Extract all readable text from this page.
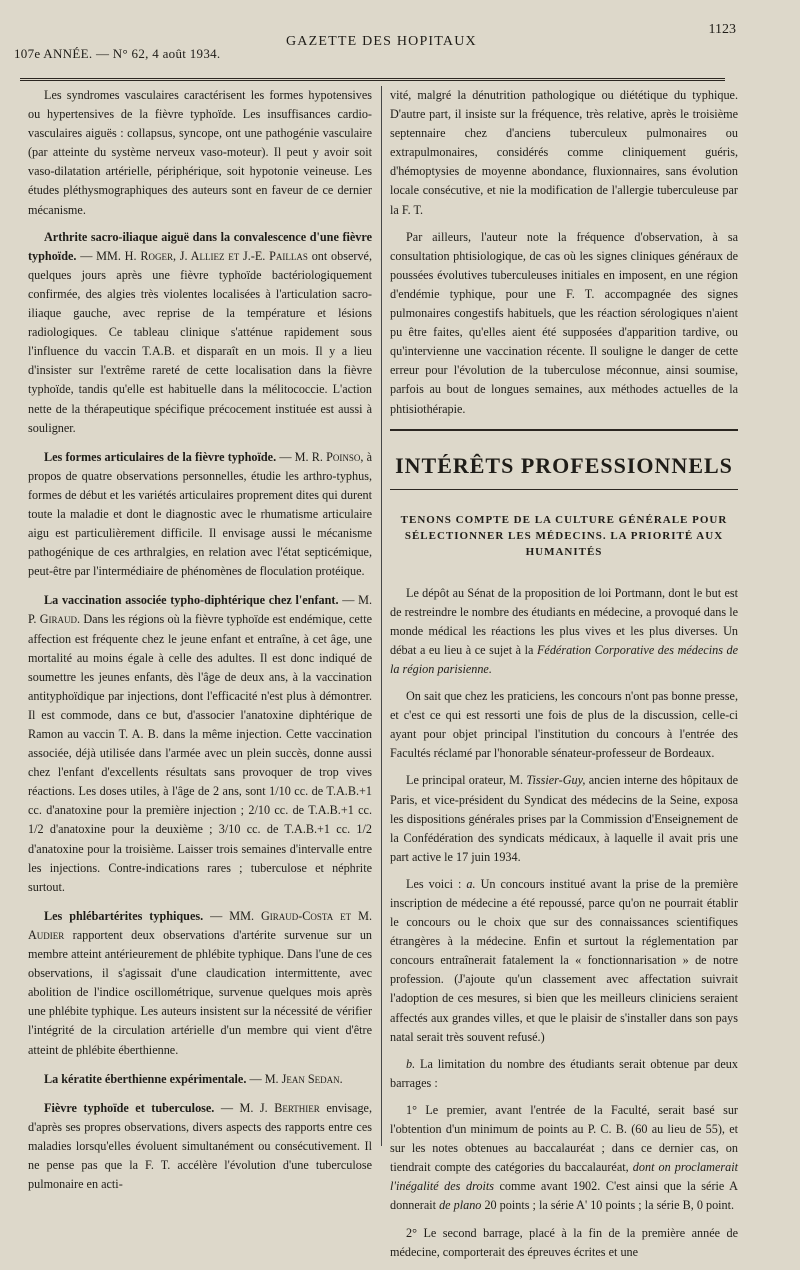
107e ANNÉE. — N° 62, 4 août 1934.
GAZETTE DES HOPITAUX
1123

Les syndromes vasculaires caractérisent les formes hypotensives ou hypertensives de la fièvre typhoïde. Les insuffisances cardio-vasculaires aiguës : collapsus, syncope, ont une pathogénie vasculaire (par atteinte du système nerveux vaso-moteur). Il peut y avoir soit vaso-dilatation artérielle, périphérique, soit hypotonie veineuse. Les études pléthysmographiques des auteurs sont en faveur de ce dernier mécanisme.

Arthrite sacro-iliaque aiguë dans la convalescence d'une fièvre typhoïde. — MM. H. Roger, J. Alliez et J.-E. Paillas ont observé, quelques jours après une fièvre typhoïde bactériologiquement confirmée, des algies très violentes localisées à l'articulation sacro-iliaque gauche, avec reprise de la température et lésions radiologiques. Ce tableau clinique s'atténue rapidement sous l'influence du vaccin T.A.B. et disparaît en un mois. Il y a lieu d'insister sur l'extrême rareté de cette localisation dans la fièvre typhoïde, tandis qu'elle est habituelle dans la mélitococcie. L'action nette de la thérapeutique spécifique précocement instituée est aussi à souligner.

Les formes articulaires de la fièvre typhoïde. — M. R. Poinso, à propos de quatre observations personnelles, étudie les arthro-typhus, formes de début et les variétés articulaires proprement dites qui durent toute la maladie et dont le diagnostic avec le rhumatisme articulaire aigu est particulièrement difficile. Il envisage aussi le mécanisme pathogénique de ces arthralgies, en relation avec l'état septicémique, peut-être par l'intermédiaire de phénomènes de floculation protéique.

La vaccination associée typho-diphtérique chez l'enfant. — M. P. Giraud. Dans les régions où la fièvre typhoïde est endémique, cette affection est fréquente chez le jeune enfant et entraîne, à cet âge, une mortalité au moins égale à celle des adultes. Il est donc indiqué de soumettre les jeunes enfants, dès l'âge de deux ans, à la vaccination antityphoïdique par injections, dont l'efficacité n'est plus à démontrer. Il est commode, dans ce but, d'associer l'anatoxine diphtérique de Ramon au vaccin T. A. B. dans la même injection. Cette vaccination associée, déjà utilisée dans l'armée avec un plein succès, donne aussi chez l'enfant d'excellents résultats sans provoquer de trop vives réactions. Les doses utiles, à l'âge de 2 ans, sont 1/10 cc. de T.A.B.+1 cc. d'anatoxine pour la première injection ; 2/10 cc. de T.A.B.+1 cc. 1/2 d'anatoxine pour la deuxième ; 3/10 cc. de T.A.B.+1 cc. 1/2 d'anatoxine pour la troisième. Laisser trois semaines d'intervalle entre les injections. Contre-indications rares ; tuberculose et néphrite surtout.

Les phlébartérites typhiques. — MM. Giraud-Costa et M. Audier rapportent deux observations d'artérite survenue sur un membre atteint antérieurement de phlébite typhique. Dans l'une de ces observations, il s'agissait d'une claudication intermittente, avec abolition de l'indice oscillométrique, survenue quelques mois après une phlébite typhique. Les auteurs insistent sur la nécessité de vérifier l'intégrité de la circulation artérielle d'un membre qui vient d'être atteint de phlébite éberthienne.

La kératite éberthienne expérimentale. — M. Jean Sedan.

Fièvre typhoïde et tuberculose. — M. J. Berthier envisage, d'après ses propres observations, divers aspects des rapports entre ces maladies lorsqu'elles évoluent simultanément ou consécutivement. Il ne pense pas que la F. T. accélère l'évolution d'une tuberculose pulmonaire en acti-

vité, malgré la dénutrition pathologique ou diététique du typhique. D'autre part, il insiste sur la fréquence, très relative, après le troisième septennaire chez d'anciens tuberculeux pulmonaires ou extrapulmonaires, considérés comme cliniquement guéris, d'hémoptysies de moyenne abondance, fluxionnaires, sans évolution locale consécutive, et nie la modification de l'allergie tuberculeuse par la F. T.

Par ailleurs, l'auteur note la fréquence d'observation, à sa consultation phtisiologique, de cas où les signes cliniques généraux de poussées évolutives tuberculeuses initiales en imposent, en une région d'endémie typhique, pour une F. T. accompagnée des signes pulmonaires congestifs habituels, que les réaction sérologiques n'aient pu être faites, qu'elles aient été supposées d'apparition tardive, ou qu'intervienne une vaccination récente. Il souligne le danger de cette erreur pour l'évolution de la tuberculose méconnue, ainsi soumise, parfois au bout de longues semaines, aux méthodes actuelles de la phtisiothérapie.

INTÉRÊTS PROFESSIONNELS
TENONS COMPTE DE LA CULTURE GÉNÉRALE POUR SÉLECTIONNER LES MÉDECINS. LA PRIORITÉ AUX HUMANITÉS

Le dépôt au Sénat de la proposition de loi Portmann, dont le but est de restreindre le nombre des étudiants en médecine, a provoqué dans le monde médical les réactions les plus vives et les plus diverses. Un débat a eu lieu à ce sujet à la Fédération Corporative des médecins de la région parisienne.

On sait que chez les praticiens, les concours n'ont pas bonne presse, et c'est ce qui est ressorti une fois de plus de la discussion, celle-ci ayant pour objet principal l'institution du concours à l'entrée des Facultés réclamé par l'honorable sénateur-professeur de Bordeaux.

Le principal orateur, M. Tissier-Guy, ancien interne des hôpitaux de Paris, et vice-président du Syndicat des médecins de la Seine, exposa les dispositions générales prises par la Commission d'Enseignement de la Confédération des syndicats médicaux, à laquelle il avait pris une part active le 17 juin 1934.

Les voici : a. Un concours institué avant la prise de la première inscription de médecine a été repoussé, parce qu'on ne pourrait établir le concours ou le choix que sur des connaissances scientifiques étrangères à la médecine. Enfin et surtout la réglementation par concours entraînerait fatalement la « fonctionnarisation » de notre profession. (J'ajoute qu'un classement avec affectation suivrait l'adoption de ces mesures, si bien que les meilleurs cliniciens seraient affectés aux grandes villes, et que le plaisir de s'installer dans son pays natal serait très souvent refusé.)

b. La limitation du nombre des étudiants serait obtenue par deux barrages :

1° Le premier, avant l'entrée de la Faculté, serait basé sur l'obtention d'un minimum de points au P. C. B. (60 au lieu de 55), et sur les notes obtenues au baccalauréat ; dans ce dernier cas, on tiendrait compte des catégories du baccalauréat, dont on proclamerait l'inégalité des droits comme avant 1902. C'est ainsi que la série A donnerait de plano 20 points ; la série A' 10 points ; la série B, 0 point.

2° Le second barrage, placé à la fin de la première année de médecine, comporterait des épreuves écrites et une
